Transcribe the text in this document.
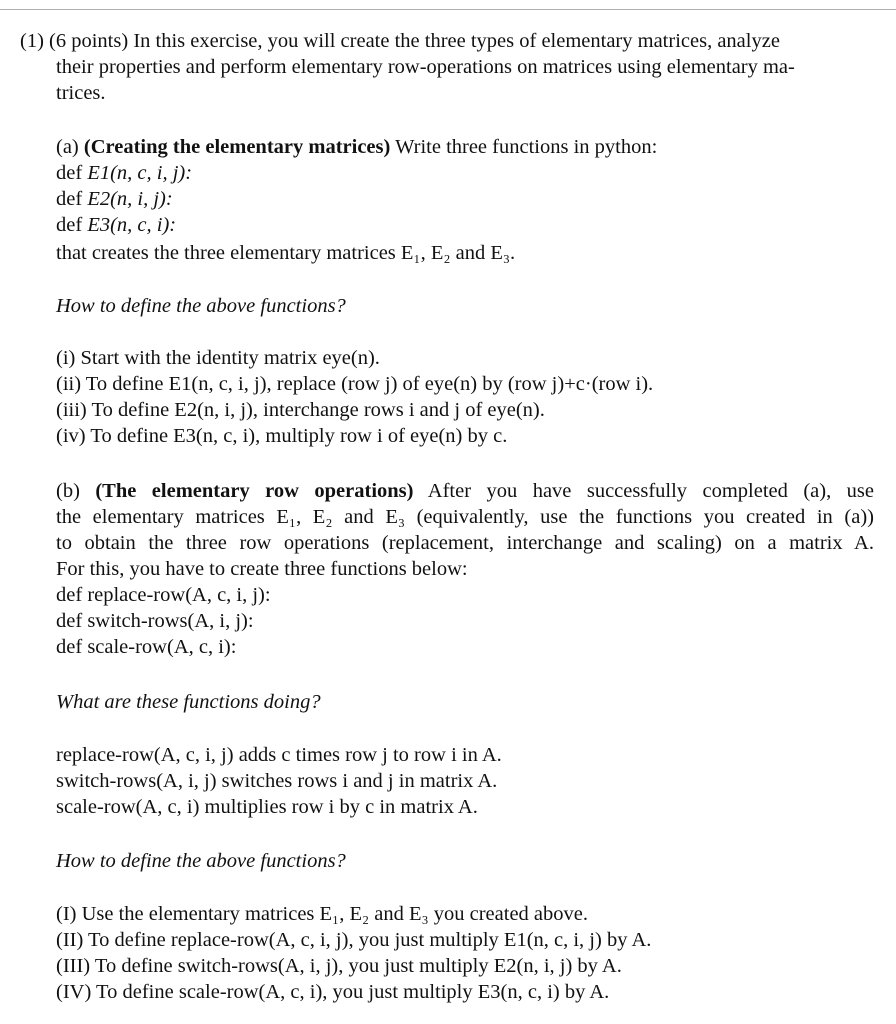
(1) (6 points) In this exercise, you will create the three types of elementary matrices, analyze
their properties and perform elementary row-operations on matrices using elementary ma-
trices.
(a) (Creating the elementary matrices) Write three functions in python:
def E1(n, c, i, j):
def E2(n, i, j):
def E3(n, c, i):
that creates the three elementary matrices E₁, E₂ and E₃.
How to define the above functions?
(i) Start with the identity matrix eye(n).
(ii) To define E1(n, c, i, j), replace (row j) of eye(n) by (row j)+c·(row i).
(iii) To define E2(n, i, j), interchange rows i and j of eye(n).
(iv) To define E3(n, c, i), multiply row i of eye(n) by c.
(b) (The elementary row operations) After you have successfully completed (a), use
the elementary matrices E₁, E₂ and E₃ (equivalently, use the functions you created in (a))
to obtain the three row operations (replacement, interchange and scaling) on a matrix A.
For this, you have to create three functions below:
def replace-row(A, c, i, j):
def switch-rows(A, i, j):
def scale-row(A, c, i):
What are these functions doing?
replace-row(A, c, i, j) adds c times row j to row i in A.
switch-rows(A, i, j) switches rows i and j in matrix A.
scale-row(A, c, i) multiplies row i by c in matrix A.
How to define the above functions?
(I) Use the elementary matrices E₁, E₂ and E₃ you created above.
(II) To define replace-row(A, c, i, j), you just multiply E1(n, c, i, j) by A.
(III) To define switch-rows(A, i, j), you just multiply E2(n, i, j) by A.
(IV) To define scale-row(A, c, i), you just multiply E3(n, c, i) by A.
